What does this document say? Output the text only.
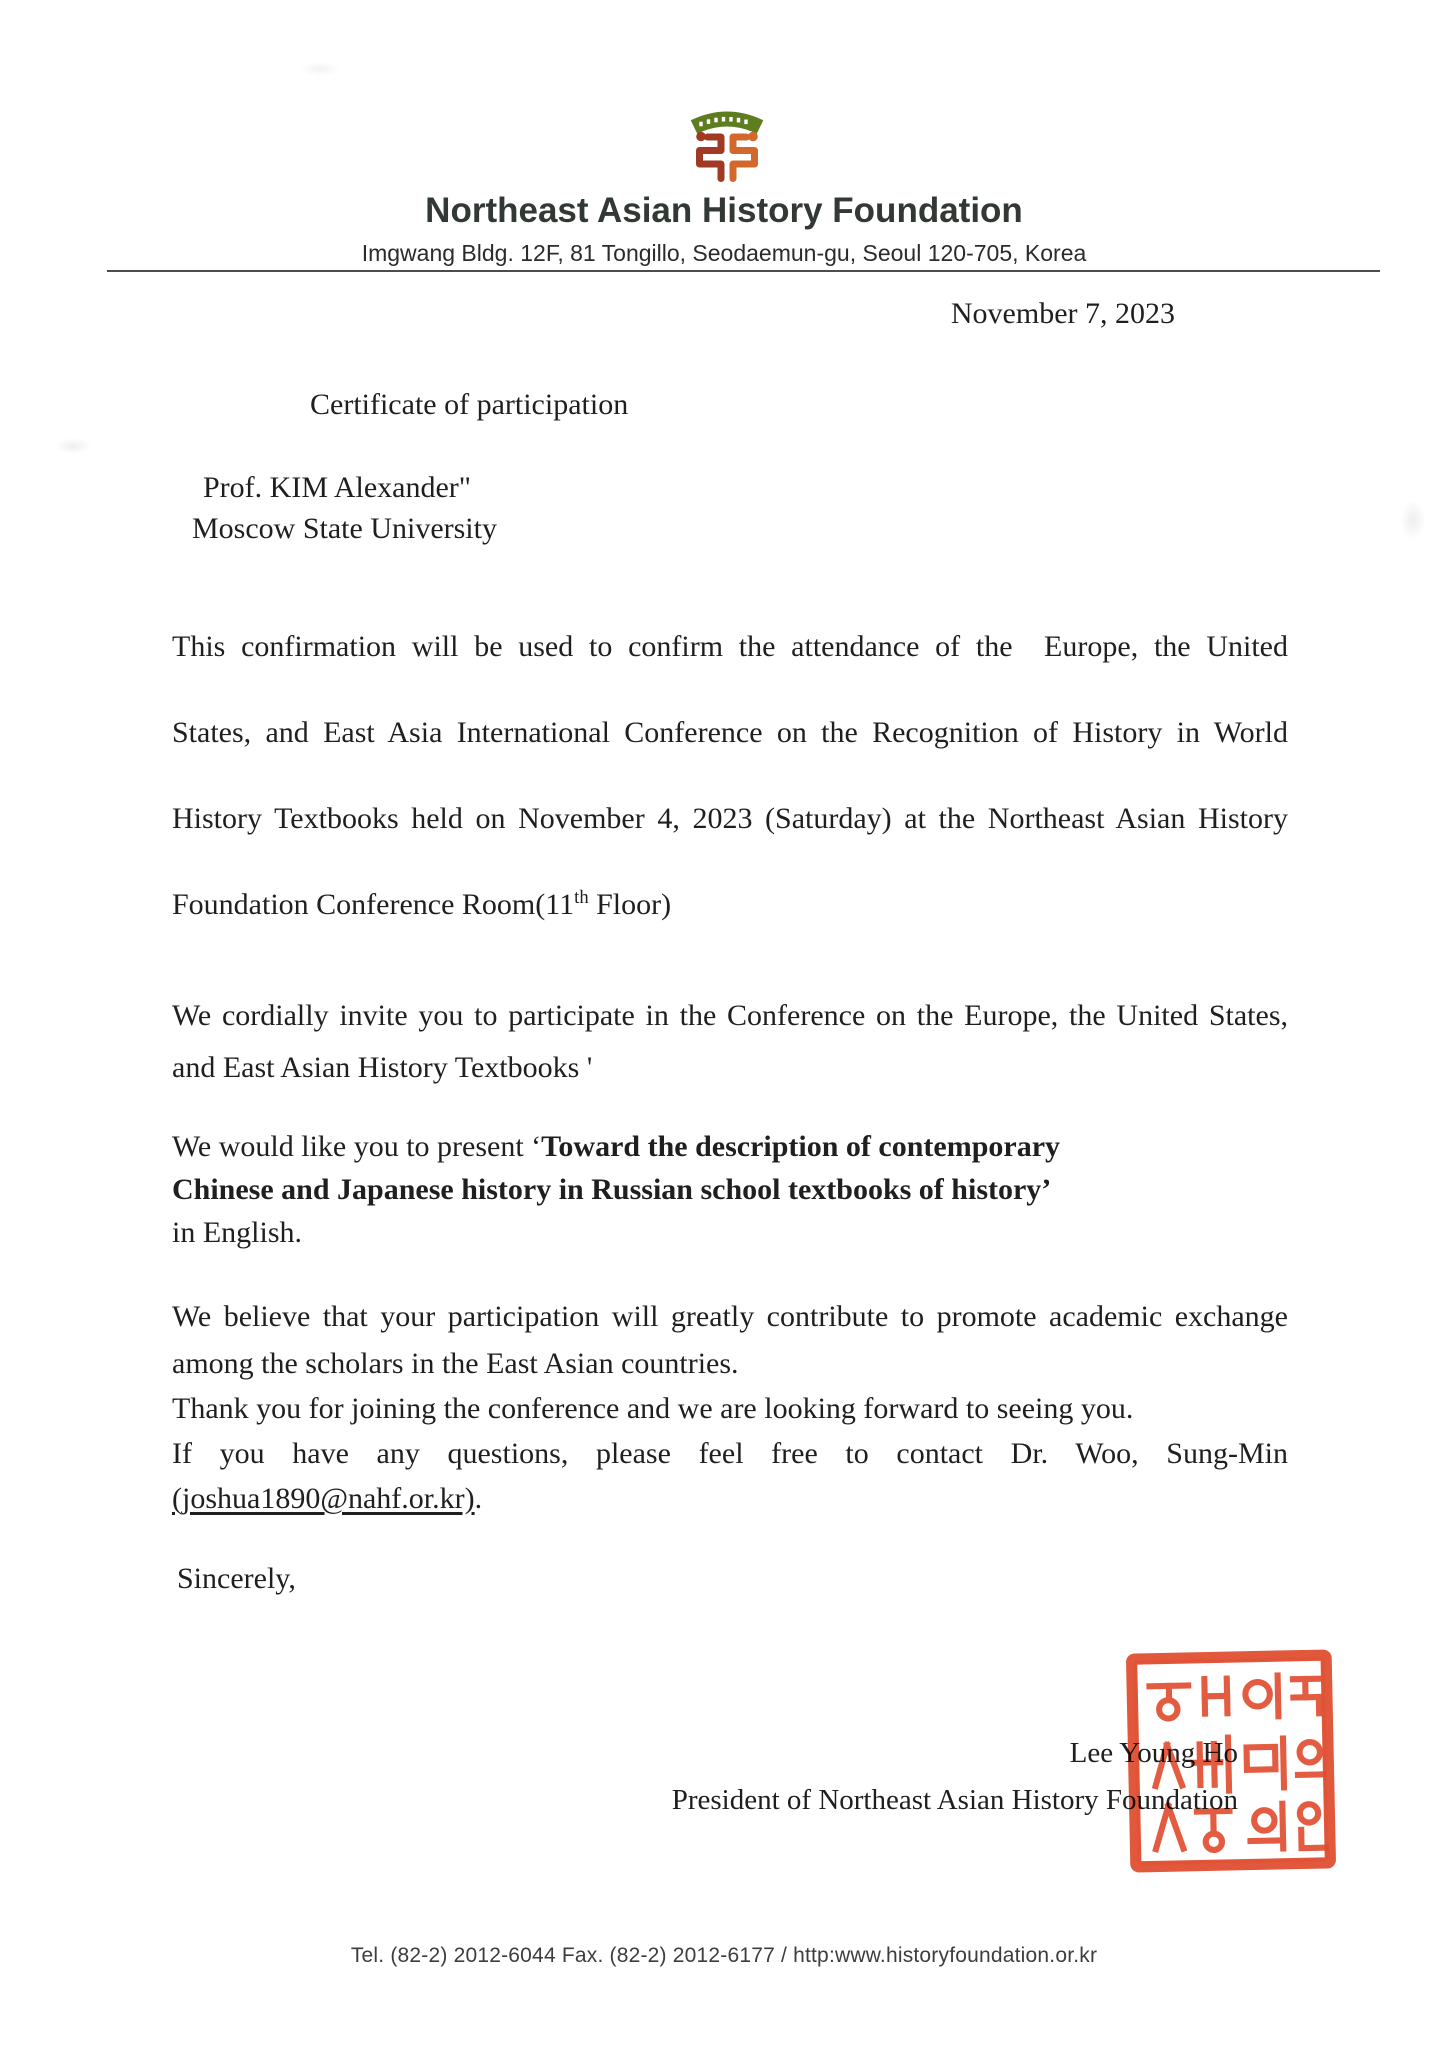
Northeast Asian History Foundation
Imgwang Bldg. 12F, 81 Tongillo, Seodaemun-gu, Seoul 120-705, Korea
November 7, 2023
Certificate of participation
Prof. KIM Alexander"
Moscow State University
This confirmation will be used to confirm the attendance of the  Europe, the United
States, and East Asia International Conference on the Recognition of History in World
History Textbooks held on November 4, 2023 (Saturday) at the Northeast Asian History
Foundation Conference Room(11th Floor)
We cordially invite you to participate in the Conference on the Europe, the United States,
and East Asian History Textbooks '
We would like you to present ‘Toward the description of contemporary
Chinese and Japanese history in Russian school textbooks of history’
in English.
We believe that your participation will greatly contribute to promote academic exchange
among the scholars in the East Asian countries.
Thank you for joining the conference and we are looking forward to seeing you.
If you have any questions, please feel free to contact Dr. Woo, Sung-Min
(joshua1890@nahf.or.kr).
Sincerely,
Lee Young Ho
President of Northeast Asian History Foundation
Tel. (82-2) 2012-6044 Fax. (82-2) 2012-6177 / http:www.historyfoundation.or.kr
